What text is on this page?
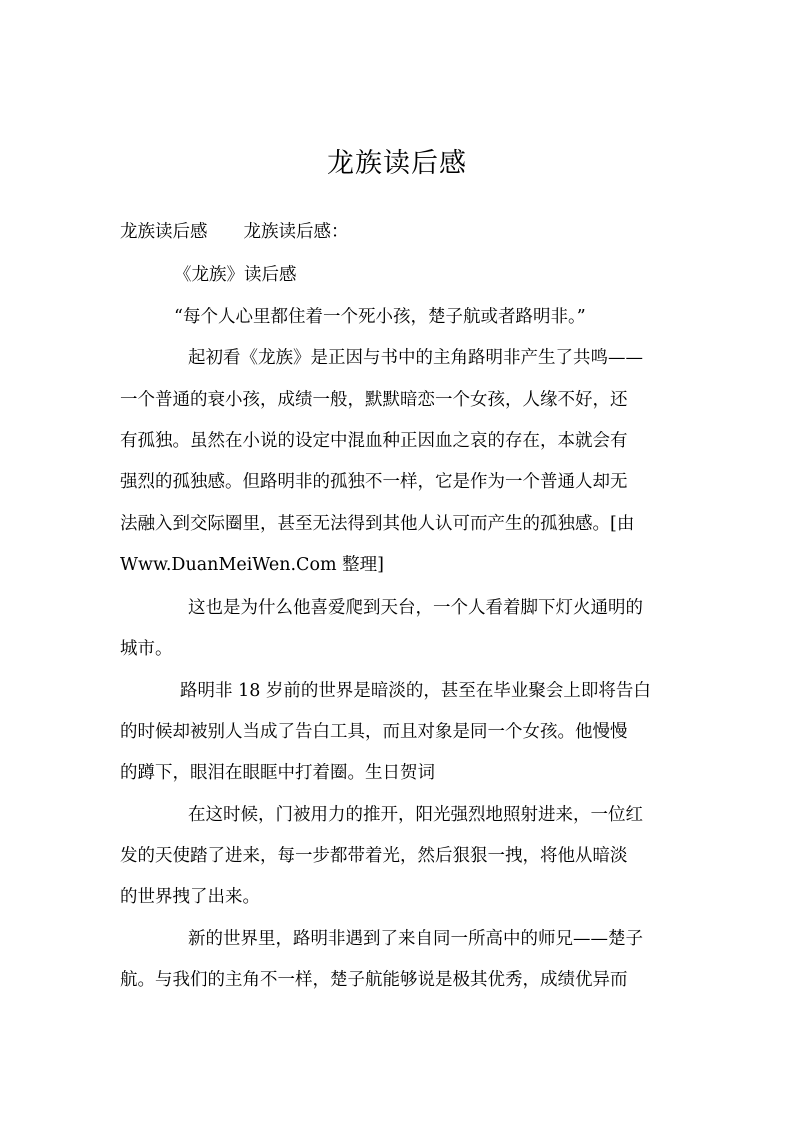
龙族读后感
龙族读后感 龙族读后感：
《龙族》读后感
“每个人心里都住着一个死小孩，楚子航或者路明非。”
起初看《龙族》是正因与书中的主角路明非产生了共鸣——
一个普通的衰小孩，成绩一般，默默暗恋一个女孩，人缘不好，还
有孤独。虽然在小说的设定中混血种正因血之哀的存在，本就会有
强烈的孤独感。但路明非的孤独不一样，它是作为一个普通人却无
法融入到交际圈里，甚至无法得到其他人认可而产生的孤独感。[由
Www.DuanMeiWen.Com 整理]
这也是为什么他喜爱爬到天台，一个人看着脚下灯火通明的
城市。
路明非 18 岁前的世界是暗淡的，甚至在毕业聚会上即将告白
的时候却被别人当成了告白工具，而且对象是同一个女孩。他慢慢
的蹲下，眼泪在眼眶中打着圈。生日贺词
在这时候，门被用力的推开，阳光强烈地照射进来，一位红
发的天使踏了进来，每一步都带着光，然后狠狠一拽，将他从暗淡
的世界拽了出来。
新的世界里，路明非遇到了来自同一所高中的师兄——楚子
航。与我们的主角不一样，楚子航能够说是极其优秀，成绩优异而
